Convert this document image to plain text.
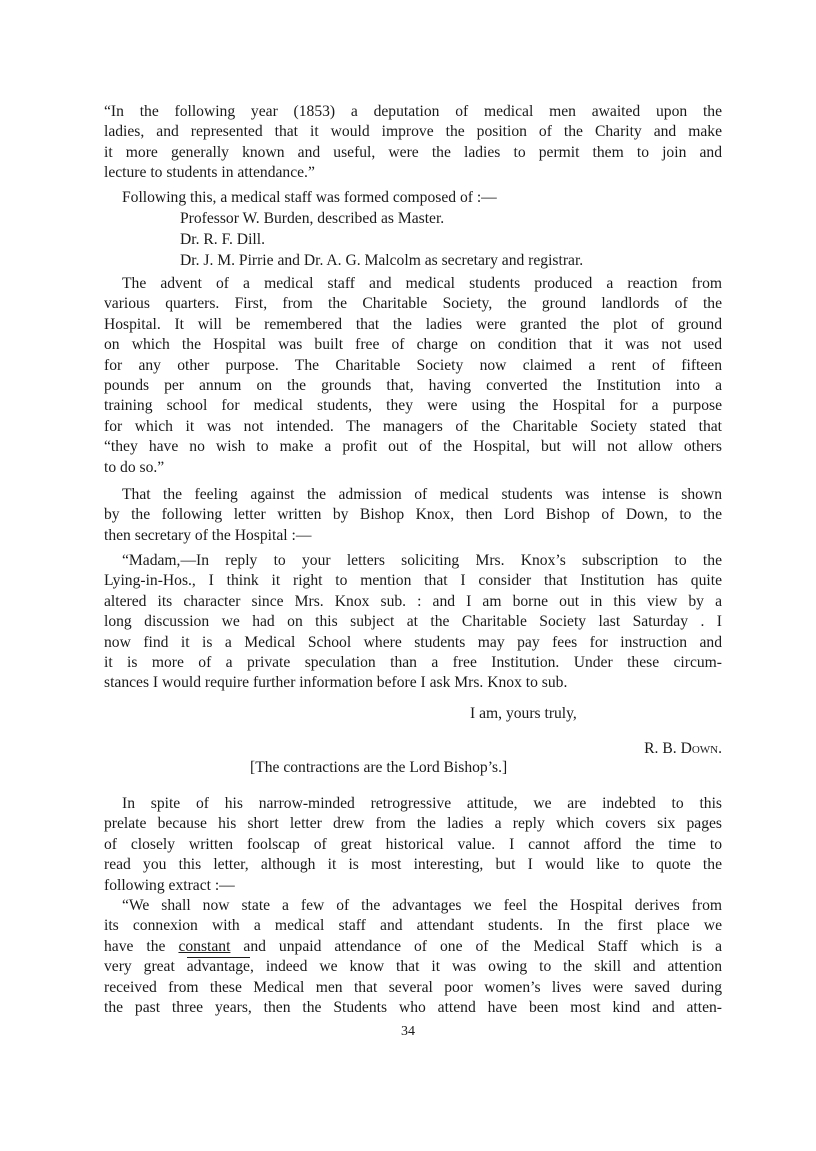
“In the following year (1853) a deputation of medical men awaited upon the
ladies, and represented that it would improve the position of the Charity and make
it more generally known and useful, were the ladies to permit them to join and
lecture to students in attendance.”
Following this, a medical staff was formed composed of :—
Professor W. Burden, described as Master.
Dr. R. F. Dill.
Dr. J. M. Pirrie and Dr. A. G. Malcolm as secretary and registrar.
The advent of a medical staff and medical students produced a reaction from
various quarters. First, from the Charitable Society, the ground landlords of the
Hospital. It will be remembered that the ladies were granted the plot of ground
on which the Hospital was built free of charge on condition that it was not used
for any other purpose. The Charitable Society now claimed a rent of fifteen
pounds per annum on the grounds that, having converted the Institution into a
training school for medical students, they were using the Hospital for a purpose
for which it was not intended. The managers of the Charitable Society stated that
“they have no wish to make a profit out of the Hospital, but will not allow others
to do so.”
That the feeling against the admission of medical students was intense is shown
by the following letter written by Bishop Knox, then Lord Bishop of Down, to the
then secretary of the Hospital :—
“Madam,—In reply to your letters soliciting Mrs. Knox’s subscription to the
Lying-in-Hos., I think it right to mention that I consider that Institution has quite
altered its character since Mrs. Knox sub. : and I am borne out in this view by a
long discussion we had on this subject at the Charitable Society last Saturday . I
now find it is a Medical School where students may pay fees for instruction and
it is more of a private speculation than a free Institution. Under these circum-
stances I would require further information before I ask Mrs. Knox to sub.
I am, yours truly,
R. B. Down.
[The contractions are the Lord Bishop’s.]
In spite of his narrow-minded retrogressive attitude, we are indebted to this
prelate because his short letter drew from the ladies a reply which covers six pages
of closely written foolscap of great historical value. I cannot afford the time to
read you this letter, although it is most interesting, but I would like to quote the
following extract :—
“We shall now state a few of the advantages we feel the Hospital derives from
its connexion with a medical staff and attendant students. In the first place we
have the constant and unpaid attendance of one of the Medical Staff which is a
very great advantage, indeed we know that it was owing to the skill and attention
received from these Medical men that several poor women’s lives were saved during
the past three years, then the Students who attend have been most kind and atten-
34
